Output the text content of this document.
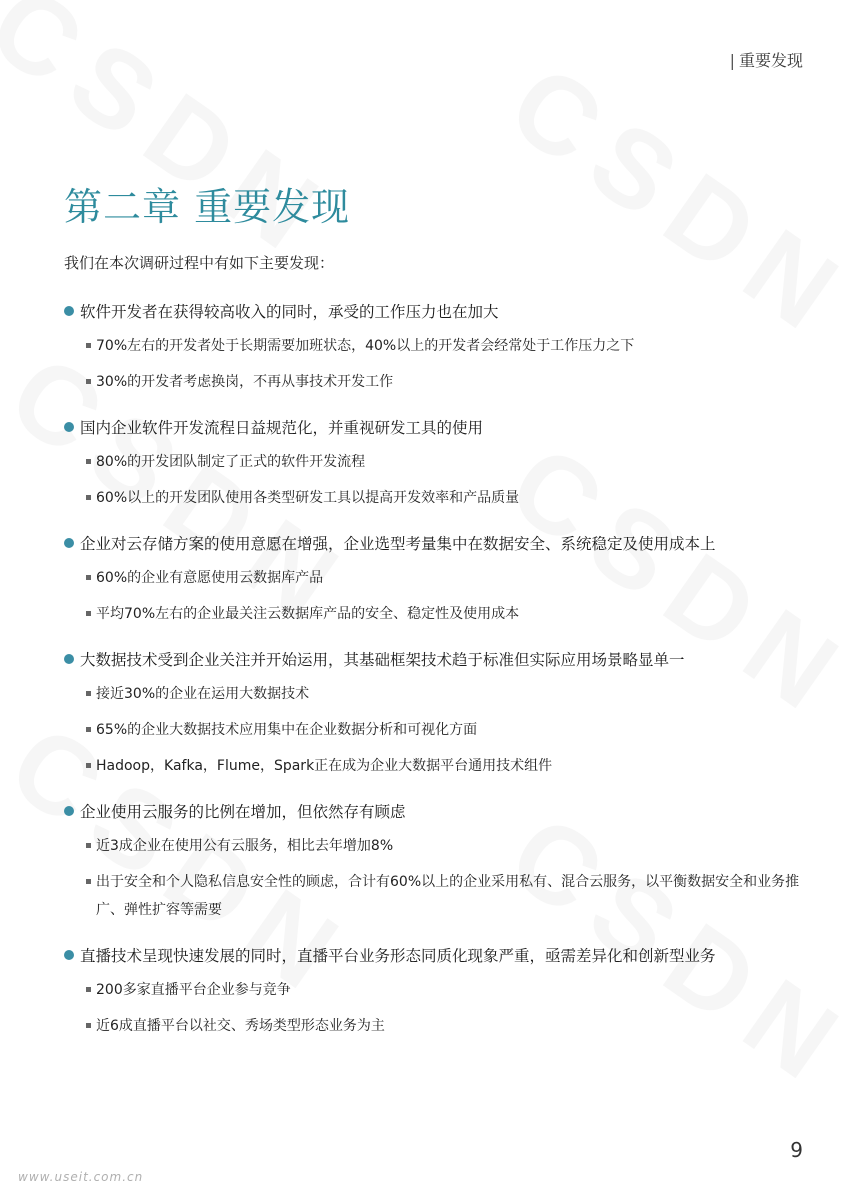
| 重要发现
第二章 重要发现
我们在本次调研过程中有如下主要发现：
软件开发者在获得较高收入的同时，承受的工作压力也在加大
70%左右的开发者处于长期需要加班状态，40%以上的开发者会经常处于工作压力之下
30%的开发者考虑换岗，不再从事技术开发工作
国内企业软件开发流程日益规范化，并重视研发工具的使用
80%的开发团队制定了正式的软件开发流程
60%以上的开发团队使用各类型研发工具以提高开发效率和产品质量
企业对云存储方案的使用意愿在增强，企业选型考量集中在数据安全、系统稳定及使用成本上
60%的企业有意愿使用云数据库产品
平均70%左右的企业最关注云数据库产品的安全、稳定性及使用成本
大数据技术受到企业关注并开始运用，其基础框架技术趋于标准但实际应用场景略显单一
接近30%的企业在运用大数据技术
65%的企业大数据技术应用集中在企业数据分析和可视化方面
Hadoop，Kafka，Flume，Spark正在成为企业大数据平台通用技术组件
企业使用云服务的比例在增加，但依然存有顾虑
近3成企业在使用公有云服务，相比去年增加8%
出于安全和个人隐私信息安全性的顾虑，合计有60%以上的企业采用私有、混合云服务，以平衡数据安全和业务推广、弹性扩容等需要
直播技术呈现快速发展的同时，直播平台业务形态同质化现象严重，亟需差异化和创新型业务
200多家直播平台企业参与竞争
近6成直播平台以社交、秀场类型形态业务为主
9
www.useit.com.cn
